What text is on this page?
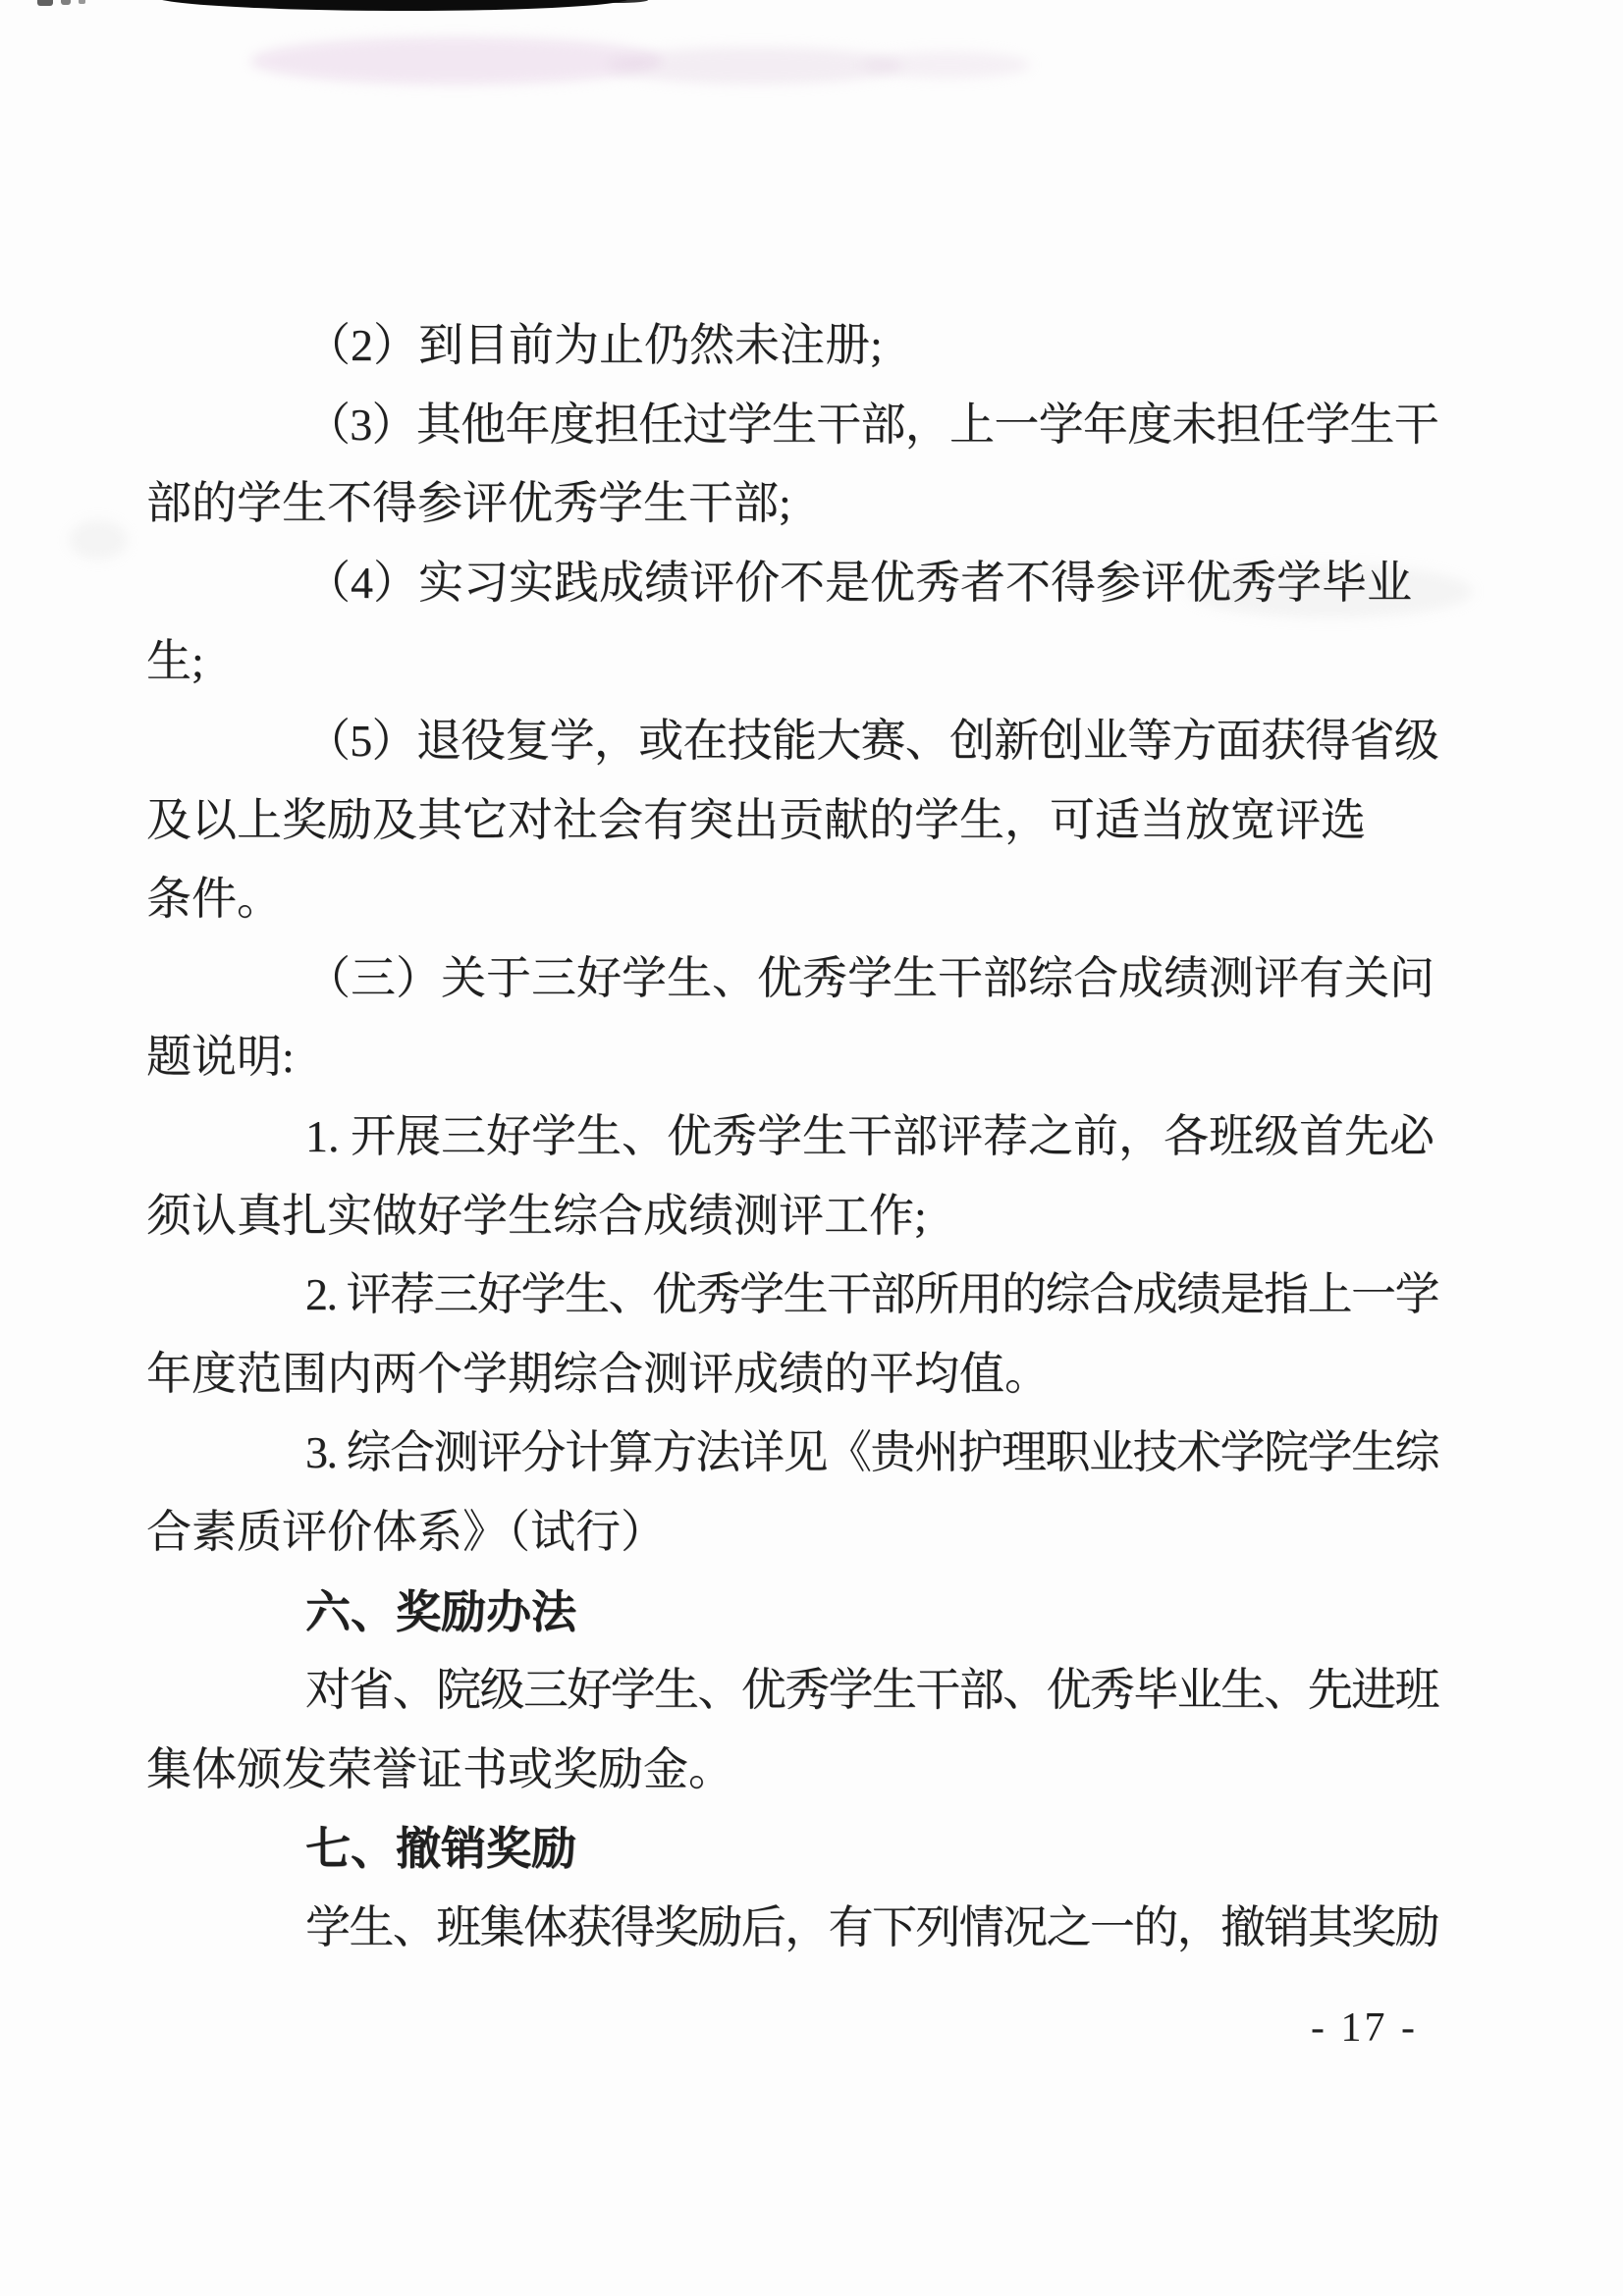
（2）到目前为止仍然未注册;
（3）其他年度担任过学生干部，上一学年度未担任学生干
部的学生不得参评优秀学生干部;
（4）实习实践成绩评价不是优秀者不得参评优秀学毕业
生;
（5）退役复学，或在技能大赛、创新创业等方面获得省级
及以上奖励及其它对社会有突出贡献的学生，可适当放宽评选
条件。
（三）关于三好学生、优秀学生干部综合成绩测评有关问
题说明:
1. 开展三好学生、优秀学生干部评荐之前，各班级首先必
须认真扎实做好学生综合成绩测评工作;
2. 评荐三好学生、优秀学生干部所用的综合成绩是指上一学
年度范围内两个学期综合测评成绩的平均值。
3. 综合测评分计算方法详见《贵州护理职业技术学院学生综
合素质评价体系》（试行）
六、奖励办法
对省、院级三好学生、优秀学生干部、优秀毕业生、先进班
集体颁发荣誉证书或奖励金。
七、撤销奖励
学生、班集体获得奖励后，有下列情况之一的，撤销其奖励
- 17 -
